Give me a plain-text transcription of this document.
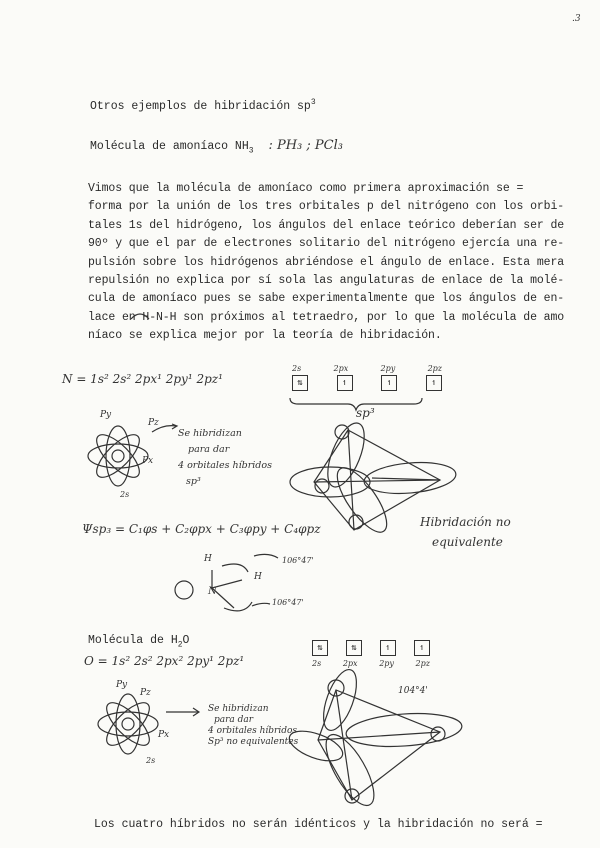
.3
Otros ejemplos de hibridación $sp^3$
Molécula de amoníaco $NH_3$ : PH₃ ; PCl₃
Vimos que la molécula de amoníaco como primera aproximación se =
forma por la unión de los tres orbitales p del nitrógeno con los orbi-
tales 1s del hidrógeno, los ángulos del enlace teórico deberían ser de
90º y que el par de electrones solitario del nitrógeno ejercía una re-
pulsión sobre los hidrógenos abriéndose el ángulo de enlace. Esta mera
repulsión no explica por sí sola las angulaturas de enlace de la molé-
cula de amoníaco pues se sabe experimentalmente que los ángulos de en-
lace en H-N-H son próximos al tetraedro, por lo que la molécula de amo
níaco se explica mejor por la teoría de hibridación.
N = 1s² 2s² 2px¹ 2py¹ 2pz¹
2s	2px	2py	2pz
⇅	↿	↿	↿
sp³
Se hibridizan
para dar
4 orbitales híbridos
sp³
Py
Pz
Px
2s
Ψsp₃ = C₁φs + C₂φpx + C₃φpy + C₄φpz
H
H
N
106°47'
106°47'
Hibridación no
equivalente
Molécula de $H_2O$
O = 1s² 2s² 2px² 2py¹ 2pz¹
⇅	⇅	↿	↿
2s	2px	2py	2pz
Py
Pz
Px
2s
Se hibridizan
para dar
4 orbitales híbridos
Sp³ no equivalentes
104°4'
Los cuatro híbridos no serán idénticos y la hibridación no será =
